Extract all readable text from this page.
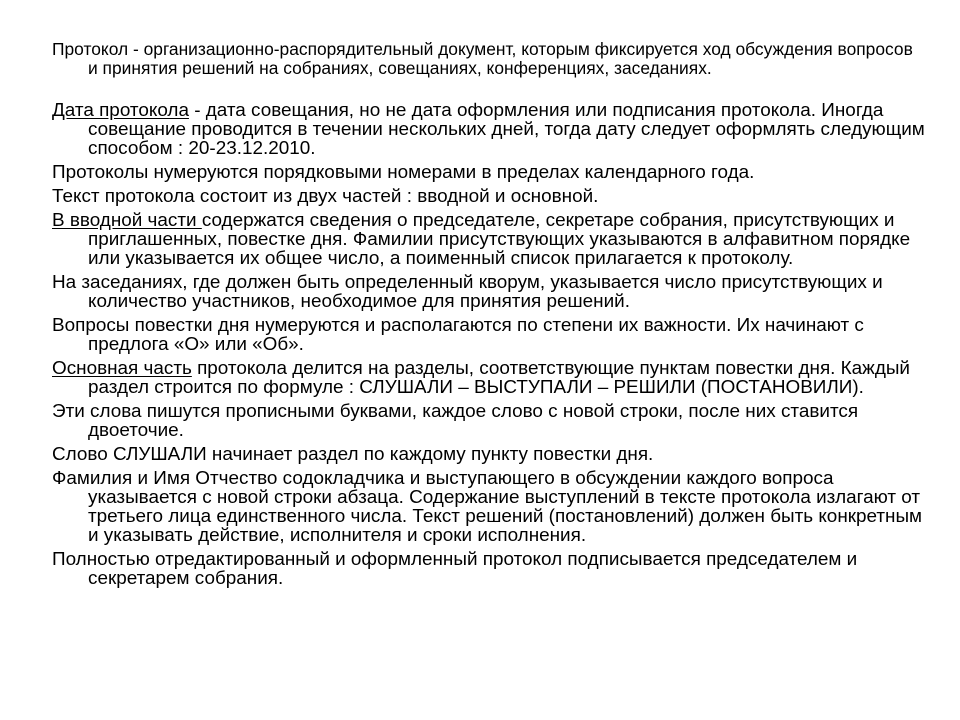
Протокол - организационно-распорядительный документ, которым фиксируется ход обсуждения вопросов и принятия решений на собраниях, совещаниях, конференциях, заседаниях.

Дата протокола - дата совещания, но не дата оформления или подписания протокола. Иногда совещание проводится в течении нескольких дней, тогда дату следует оформлять следующим способом : 20-23.12.2010.

Протоколы нумеруются порядковыми номерами в пределах календарного года.

Текст протокола состоит из двух частей : вводной и основной.

В вводной части содержатся сведения о председателе, секретаре собрания, присутствующих и приглашенных, повестке дня. Фамилии присутствующих указываются в алфавитном порядке или указывается их общее число, а поименный список прилагается к протоколу.

На заседаниях, где должен быть определенный кворум, указывается число присутствующих и количество участников, необходимое для принятия решений.

Вопросы повестки дня нумеруются и располагаются по степени их важности. Их начинают с предлога «О» или «Об».

Основная часть протокола делится на разделы, соответствующие пунктам повестки дня. Каждый раздел строится по формуле : СЛУШАЛИ – ВЫСТУПАЛИ – РЕШИЛИ (ПОСТАНОВИЛИ).

Эти слова пишутся прописными буквами, каждое слово с новой строки, после них ставится двоеточие.

Слово СЛУШАЛИ начинает раздел по каждому пункту повестки дня.

Фамилия и Имя Отчество содокладчика и выступающего в обсуждении каждого вопроса указывается с новой строки абзаца. Содержание выступлений в тексте протокола излагают от третьего лица единственного числа. Текст решений (постановлений) должен быть конкретным и указывать действие, исполнителя и сроки исполнения.

Полностью отредактированный и оформленный протокол подписывается председателем и секретарем собрания.
